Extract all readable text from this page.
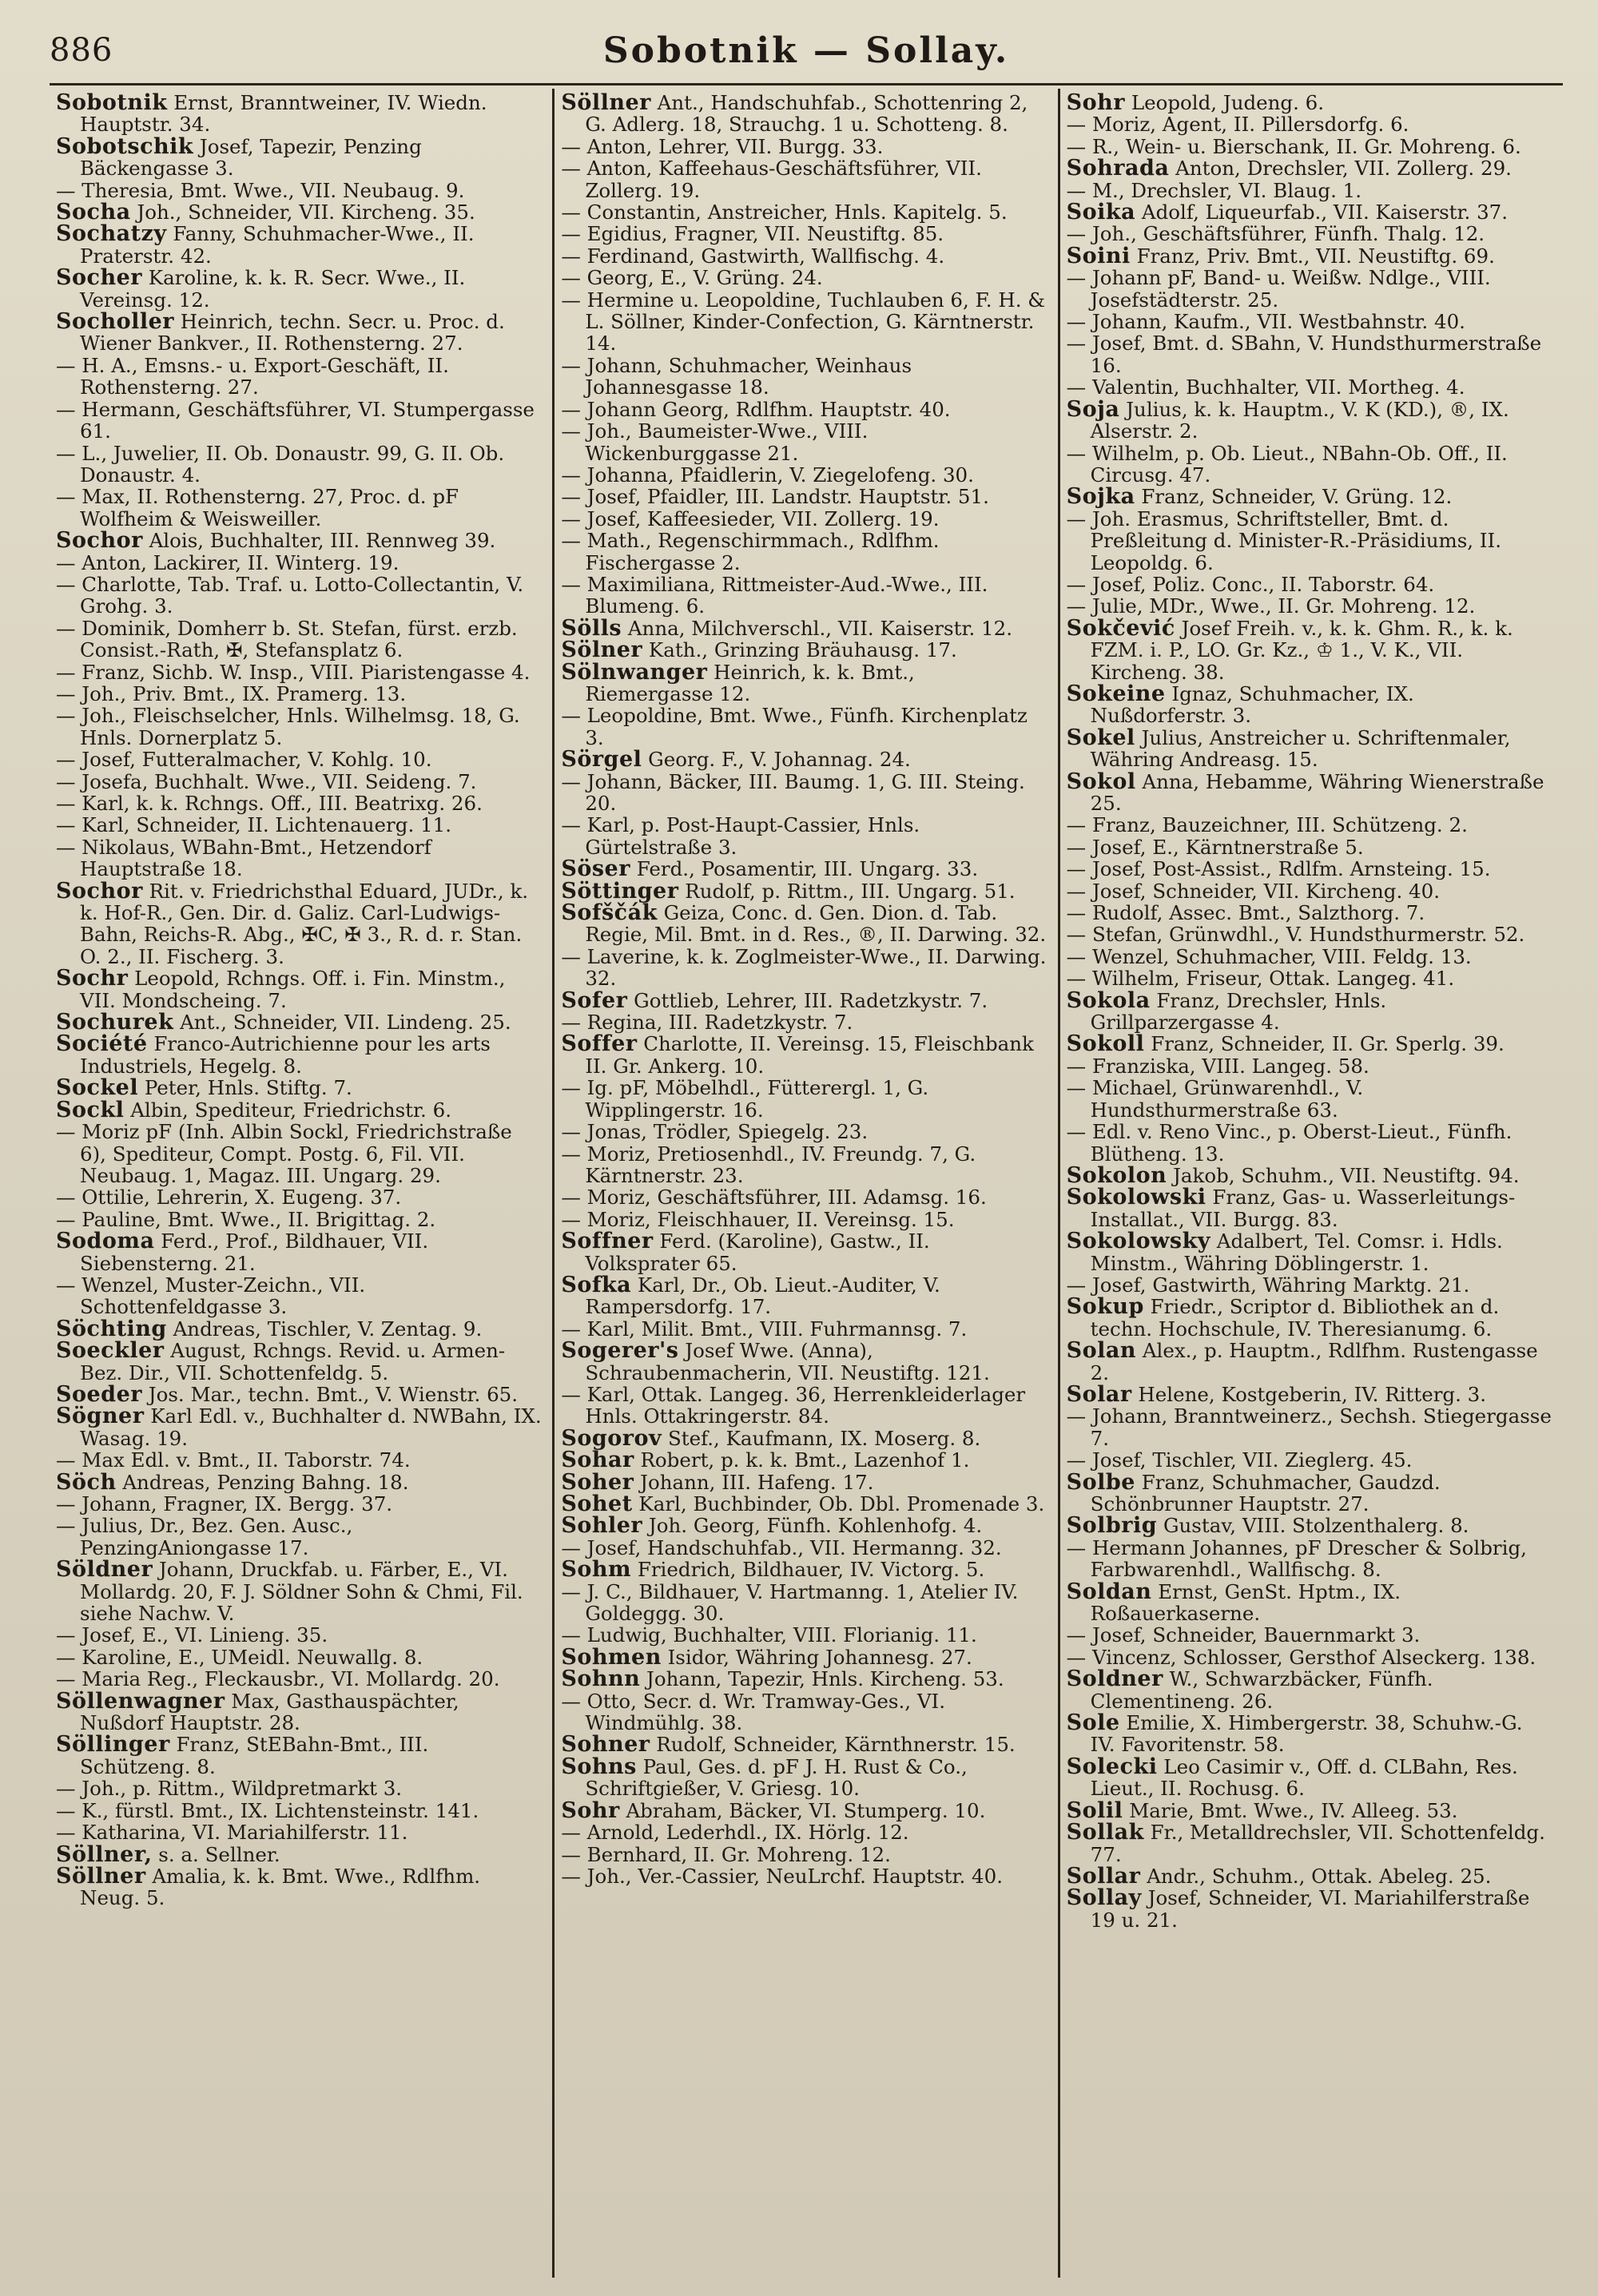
886	Sobotnik — Sollay.

Sobotnik Ernst, Branntweiner, IV. Wiedn. Hauptstr. 34.

Sobotschik Josef, Tapezir, Penzing Bäckengasse 3.

— Theresia, Bmt. Wwe., VII. Neubaug. 9.

Socha Joh., Schneider, VII. Kircheng. 35.

Sochatzy Fanny, Schuhmacher-Wwe., II. Praterstr. 42.

Socher Karoline, k. k. R. Secr. Wwe., II. Vereinsg. 12.

Socholler Heinrich, techn. Secr. u. Proc. d. Wiener Bankver., II. Rothensterng. 27.

— H. A., Emsns.- u. Export-Geschäft, II. Rothensterng. 27.

— Hermann, Geschäftsführer, VI. Stumpergasse 61.

— L., Juwelier, II. Ob. Donaustr. 99, G. II. Ob. Donaustr. 4.

— Max, II. Rothensterng. 27, Proc. d. pF Wolfheim & Weisweiller.

Sochor Alois, Buchhalter, III. Rennweg 39.

— Anton, Lackirer, II. Winterg. 19.

— Charlotte, Tab. Traf. u. Lotto-Collectantin, V. Grohg. 3.

— Dominik, Domherr b. St. Stefan, fürst. erzb. Consist.-Rath, ✠, Stefansplatz 6.

— Franz, Sichb. W. Insp., VIII. Piaristengasse 4.

— Joh., Priv. Bmt., IX. Pramerg. 13.

— Joh., Fleischselcher, Hnls. Wilhelmsg. 18, G. Hnls. Dornerplatz 5.

— Josef, Futteralmacher, V. Kohlg. 10.

— Josefa, Buchhalt. Wwe., VII. Seideng. 7.

— Karl, k. k. Rchngs. Off., III. Beatrixg. 26.

— Karl, Schneider, II. Lichtenauerg. 11.

— Nikolaus, WBahn-Bmt., Hetzendorf Hauptstraße 18.

Sochor Rit. v. Friedrichsthal Eduard, JUDr., k. k. Hof-R., Gen. Dir. d. Galiz. Carl-Ludwigs-Bahn, Reichs-R. Abg., ✠C, ✠ 3., R. d. r. Stan. O. 2., II. Fischerg. 3.

Sochr Leopold, Rchngs. Off. i. Fin. Minstm., VII. Mondscheing. 7.

Sochurek Ant., Schneider, VII. Lindeng. 25.

Société Franco-Autrichienne pour les arts Industriels, Hegelg. 8.

Sockel Peter, Hnls. Stiftg. 7.

Sockl Albin, Spediteur, Friedrichstr. 6.

— Moriz pF (Inh. Albin Sockl, Friedrichstraße 6), Spediteur, Compt. Postg. 6, Fil. VII. Neubaug. 1, Magaz. III. Ungarg. 29.

— Ottilie, Lehrerin, X. Eugeng. 37.

— Pauline, Bmt. Wwe., II. Brigittag. 2.

Sodoma Ferd., Prof., Bildhauer, VII. Siebensterng. 21.

— Wenzel, Muster-Zeichn., VII. Schottenfeldgasse 3.

Söchting Andreas, Tischler, V. Zentag. 9.

Soeckler August, Rchngs. Revid. u. Armen-Bez. Dir., VII. Schottenfeldg. 5.

Soeder Jos. Mar., techn. Bmt., V. Wienstr. 65.

Sögner Karl Edl. v., Buchhalter d. NWBahn, IX. Wasag. 19.

— Max Edl. v. Bmt., II. Taborstr. 74.

Söch Andreas, Penzing Bahng. 18.

— Johann, Fragner, IX. Bergg. 37.

— Julius, Dr., Bez. Gen. Ausc., PenzingAniongasse 17.

Söldner Johann, Druckfab. u. Färber, E., VI. Mollardg. 20, F. J. Söldner Sohn & Chmi, Fil. siehe Nachw. V.

— Josef, E., VI. Linieng. 35.

— Karoline, E., UMeidl. Neuwallg. 8.

— Maria Reg., Fleckausbr., VI. Mollardg. 20.

Söllenwagner Max, Gasthauspächter, Nußdorf Hauptstr. 28.

Söllinger Franz, StEBahn-Bmt., III. Schützeng. 8.

— Joh., p. Rittm., Wildpretmarkt 3.

— K., fürstl. Bmt., IX. Lichtensteinstr. 141.

— Katharina, VI. Mariahilferstr. 11.

Söllner, s. a. Sellner.

Söllner Amalia, k. k. Bmt. Wwe., Rdlfhm. Neug. 5.

Söllner Ant., Handschuhfab., Schottenring 2, G. Adlerg. 18, Strauchg. 1 u. Schotteng. 8.

— Anton, Lehrer, VII. Burgg. 33.

— Anton, Kaffeehaus-Geschäftsführer, VII. Zollerg. 19.

— Constantin, Anstreicher, Hnls. Kapitelg. 5.

— Egidius, Fragner, VII. Neustiftg. 85.

— Ferdinand, Gastwirth, Wallfischg. 4.

— Georg, E., V. Grüng. 24.

— Hermine u. Leopoldine, Tuchlauben 6, F. H. & L. Söllner, Kinder-Confection, G. Kärntnerstr. 14.

— Johann, Schuhmacher, Weinhaus Johannesgasse 18.

— Johann Georg, Rdlfhm. Hauptstr. 40.

— Joh., Baumeister-Wwe., VIII. Wickenburggasse 21.

— Johanna, Pfaidlerin, V. Ziegelofeng. 30.

— Josef, Pfaidler, III. Landstr. Hauptstr. 51.

— Josef, Kaffeesieder, VII. Zollerg. 19.

— Math., Regenschirmmach., Rdlfhm. Fischergasse 2.

— Maximiliana, Rittmeister-Aud.-Wwe., III. Blumeng. 6.

Sölls Anna, Milchverschl., VII. Kaiserstr. 12.

Sölner Kath., Grinzing Bräuhausg. 17.

Sölnwanger Heinrich, k. k. Bmt., Riemergasse 12.

— Leopoldine, Bmt. Wwe., Fünfh. Kirchenplatz 3.

Sörgel Georg. F., V. Johannag. 24.

— Johann, Bäcker, III. Baumg. 1, G. III. Steing. 20.

— Karl, p. Post-Haupt-Cassier, Hnls. Gürtelstraße 3.

Söser Ferd., Posamentir, III. Ungarg. 33.

Söttinger Rudolf, p. Rittm., III. Ungarg. 51.

Sofščák Geiza, Conc. d. Gen. Dion. d. Tab. Regie, Mil. Bmt. in d. Res., ®, II. Darwing. 32.

— Laverine, k. k. Zoglmeister-Wwe., II. Darwing. 32.

Sofer Gottlieb, Lehrer, III. Radetzkystr. 7.

— Regina, III. Radetzkystr. 7.

Soffer Charlotte, II. Vereinsg. 15, Fleischbank II. Gr. Ankerg. 10.

— Ig. pF, Möbelhdl., Fütterergl. 1, G. Wipplingerstr. 16.

— Jonas, Trödler, Spiegelg. 23.

— Moriz, Pretiosenhdl., IV. Freundg. 7, G. Kärntnerstr. 23.

— Moriz, Geschäftsführer, III. Adamsg. 16.

— Moriz, Fleischhauer, II. Vereinsg. 15.

Soffner Ferd. (Karoline), Gastw., II. Volksprater 65.

Sofka Karl, Dr., Ob. Lieut.-Auditer, V. Rampersdorfg. 17.

— Karl, Milit. Bmt., VIII. Fuhrmannsg. 7.

Sogerer's Josef Wwe. (Anna), Schraubenmacherin, VII. Neustiftg. 121.

— Karl, Ottak. Langeg. 36, Herrenkleiderlager Hnls. Ottakringerstr. 84.

Sogorov Stef., Kaufmann, IX. Moserg. 8.

Sohar Robert, p. k. k. Bmt., Lazenhof 1.

Soher Johann, III. Hafeng. 17.

Sohet Karl, Buchbinder, Ob. Dbl. Promenade 3.

Sohler Joh. Georg, Fünfh. Kohlenhofg. 4.

— Josef, Handschuhfab., VII. Hermanng. 32.

Sohm Friedrich, Bildhauer, IV. Victorg. 5.

— J. C., Bildhauer, V. Hartmanng. 1, Atelier IV. Goldeggg. 30.

— Ludwig, Buchhalter, VIII. Florianig. 11.

Sohmen Isidor, Währing Johannesg. 27.

Sohnn Johann, Tapezir, Hnls. Kircheng. 53.

— Otto, Secr. d. Wr. Tramway-Ges., VI. Windmühlg. 38.

Sohner Rudolf, Schneider, Kärnthnerstr. 15.

Sohns Paul, Ges. d. pF J. H. Rust & Co., Schriftgießer, V. Griesg. 10.

Sohr Abraham, Bäcker, VI. Stumperg. 10.

— Arnold, Lederhdl., IX. Hörlg. 12.

— Bernhard, II. Gr. Mohreng. 12.

— Joh., Ver.-Cassier, NeuLrchf. Hauptstr. 40.

Sohr Leopold, Judeng. 6.

— Moriz, Agent, II. Pillersdorfg. 6.

— R., Wein- u. Bierschank, II. Gr. Mohreng. 6.

Sohrada Anton, Drechsler, VII. Zollerg. 29.

— M., Drechsler, VI. Blaug. 1.

Soika Adolf, Liqueurfab., VII. Kaiserstr. 37.

— Joh., Geschäftsführer, Fünfh. Thalg. 12.

Soini Franz, Priv. Bmt., VII. Neustiftg. 69.

— Johann pF, Band- u. Weißw. Ndlge., VIII. Josefstädterstr. 25.

— Johann, Kaufm., VII. Westbahnstr. 40.

— Josef, Bmt. d. SBahn, V. Hundsthurmerstraße 16.

— Valentin, Buchhalter, VII. Mortheg. 4.

Soja Julius, k. k. Hauptm., V. K (KD.), ®, IX. Alserstr. 2.

— Wilhelm, p. Ob. Lieut., NBahn-Ob. Off., II. Circusg. 47.

Sojka Franz, Schneider, V. Grüng. 12.

— Joh. Erasmus, Schriftsteller, Bmt. d. Preßleitung d. Minister-R.-Präsidiums, II. Leopoldg. 6.

— Josef, Poliz. Conc., II. Taborstr. 64.

— Julie, MDr., Wwe., II. Gr. Mohreng. 12.

Sokčević Josef Freih. v., k. k. Ghm. R., k. k. FZM. i. P., LO. Gr. Kz., ♔ 1., V. K., VII. Kircheng. 38.

Sokeine Ignaz, Schuhmacher, IX. Nußdorferstr. 3.

Sokel Julius, Anstreicher u. Schriftenmaler, Währing Andreasg. 15.

Sokol Anna, Hebamme, Währing Wienerstraße 25.

— Franz, Bauzeichner, III. Schützeng. 2.

— Josef, E., Kärntnerstraße 5.

— Josef, Post-Assist., Rdlfm. Arnsteing. 15.

— Josef, Schneider, VII. Kircheng. 40.

— Rudolf, Assec. Bmt., Salzthorg. 7.

— Stefan, Grünwdhl., V. Hundsthurmerstr. 52.

— Wenzel, Schuhmacher, VIII. Feldg. 13.

— Wilhelm, Friseur, Ottak. Langeg. 41.

Sokola Franz, Drechsler, Hnls. Grillparzergasse 4.

Sokoll Franz, Schneider, II. Gr. Sperlg. 39.

— Franziska, VIII. Langeg. 58.

— Michael, Grünwarenhdl., V. Hundsthurmerstraße 63.

— Edl. v. Reno Vinc., p. Oberst-Lieut., Fünfh. Blütheng. 13.

Sokolon Jakob, Schuhm., VII. Neustiftg. 94.

Sokolowski Franz, Gas- u. Wasserleitungs-Installat., VII. Burgg. 83.

Sokolowsky Adalbert, Tel. Comsr. i. Hdls. Minstm., Währing Döblingerstr. 1.

— Josef, Gastwirth, Währing Marktg. 21.

Sokup Friedr., Scriptor d. Bibliothek an d. techn. Hochschule, IV. Theresianumg. 6.

Solan Alex., p. Hauptm., Rdlfhm. Rustengasse 2.

Solar Helene, Kostgeberin, IV. Ritterg. 3.

— Johann, Branntweinerz., Sechsh. Stiegergasse 7.

— Josef, Tischler, VII. Zieglerg. 45.

Solbe Franz, Schuhmacher, Gaudzd. Schönbrunner Hauptstr. 27.

Solbrig Gustav, VIII. Stolzenthalerg. 8.

— Hermann Johannes, pF Drescher & Solbrig, Farbwarenhdl., Wallfischg. 8.

Soldan Ernst, GenSt. Hptm., IX. Roßauerkaserne.

— Josef, Schneider, Bauernmarkt 3.

— Vincenz, Schlosser, Gersthof Alseckerg. 138.

Soldner W., Schwarzbäcker, Fünfh. Clementineng. 26.

Sole Emilie, X. Himbergerstr. 38, Schuhw.-G. IV. Favoritenstr. 58.

Solecki Leo Casimir v., Off. d. CLBahn, Res. Lieut., II. Rochusg. 6.

Solil Marie, Bmt. Wwe., IV. Alleeg. 53.

Sollak Fr., Metalldrechsler, VII. Schottenfeldg. 77.

Sollar Andr., Schuhm., Ottak. Abeleg. 25.

Sollay Josef, Schneider, VI. Mariahilferstraße 19 u. 21.
